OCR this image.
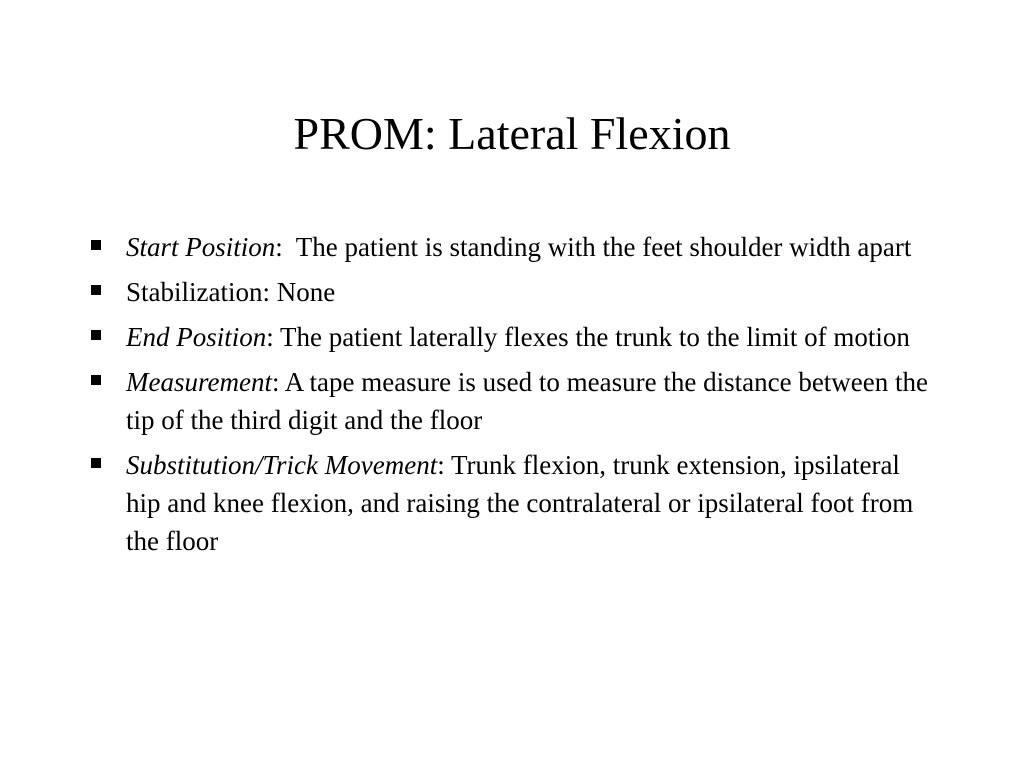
PROM: Lateral Flexion
Start Position:  The patient is standing with the feet shoulder width apart
Stabilization: None
End Position: The patient laterally flexes the trunk to the limit of motion
Measurement: A tape measure is used to measure the distance between the tip of the third digit and the floor
Substitution/Trick Movement: Trunk flexion, trunk extension, ipsilateral hip and knee flexion, and raising the contralateral or ipsilateral foot from the floor
